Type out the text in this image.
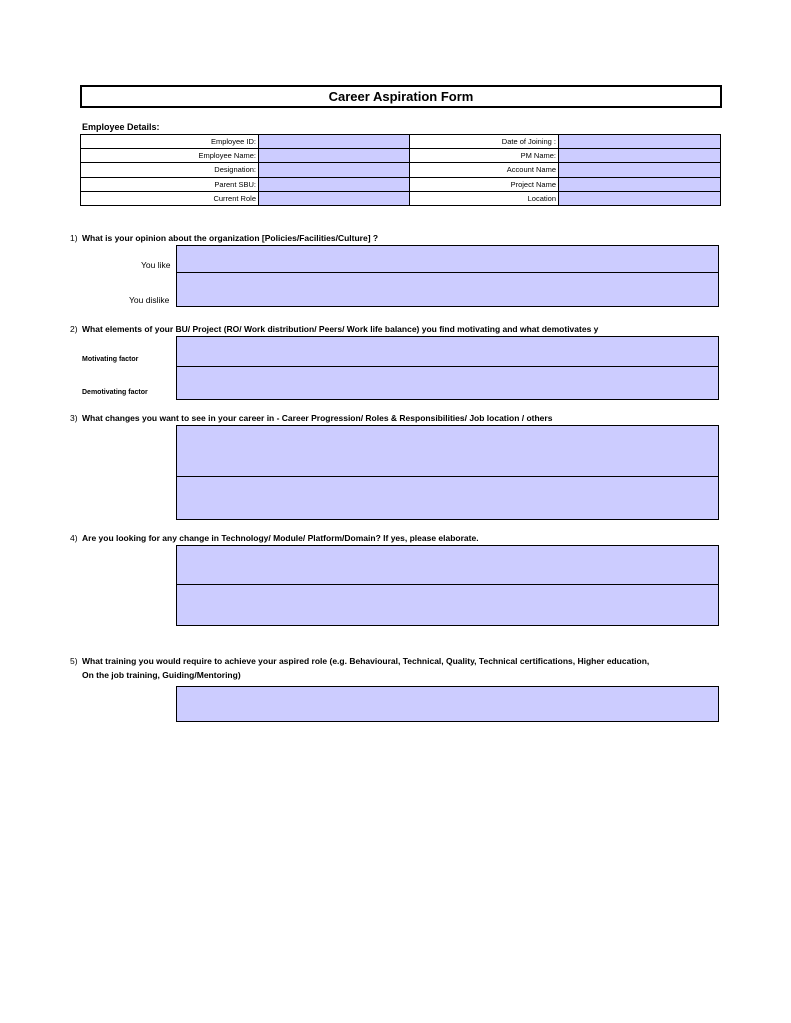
Career Aspiration Form
Employee Details:
Employee ID:		Date of Joining :	
Employee Name:		PM Name:	
Designation:		Account Name	
Parent SBU:		Project Name	
Current Role		Location	
1) What is your opinion about the organization [Policies/Facilities/Culture] ?
You like
You dislike
2) What elements of your BU/ Project (RO/ Work distribution/ Peers/ Work life balance) you find motivating and what demotivates y
Motivating factor
Demotivating factor
3) What changes you want to see in your career in - Career Progression/ Roles & Responsibilities/ Job location / others
4) Are you looking for any change in Technology/ Module/ Platform/Domain? If yes, please elaborate.
5) What training you would require to achieve your aspired role (e.g. Behavioural, Technical, Quality, Technical certifications, Higher education,
On the job training, Guiding/Mentoring)
